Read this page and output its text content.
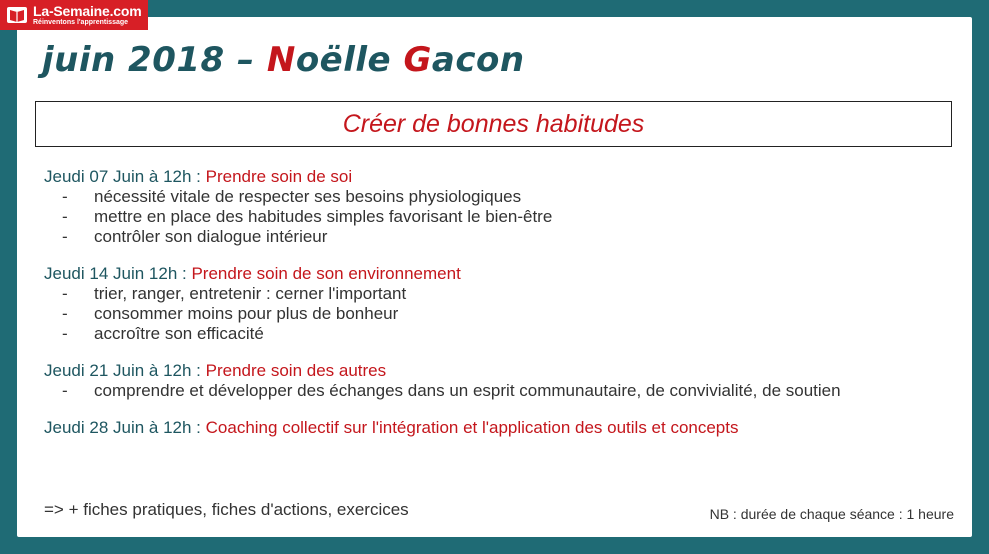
La-Semaine.com
Réinventons l'apprentissage
juin 2018 – Noëlle Gacon
Créer de bonnes habitudes
Jeudi 07 Juin à 12h : Prendre soin de soi
-	nécessité vitale de respecter ses besoins physiologiques
-	mettre en place des habitudes simples favorisant le bien-être
-	contrôler son dialogue intérieur
Jeudi 14 Juin 12h : Prendre soin de son environnement
-	trier, ranger, entretenir : cerner l'important
-	consommer moins pour plus de bonheur
-	accroître son efficacité
Jeudi 21 Juin à 12h : Prendre soin des autres
-	comprendre et développer des échanges dans un esprit communautaire, de convivialité, de soutien
Jeudi 28 Juin à 12h : Coaching collectif sur l'intégration et l'application des outils et concepts
=> + fiches pratiques, fiches d'actions, exercices	NB : durée de chaque séance : 1 heure
